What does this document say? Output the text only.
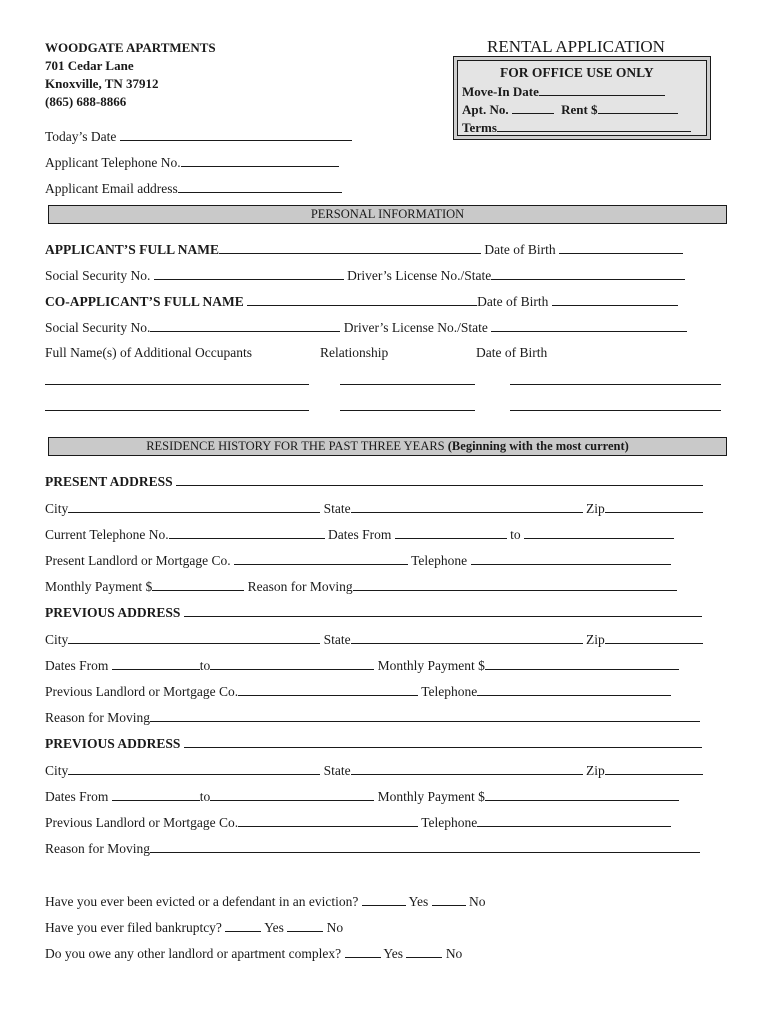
WOODGATE APARTMENTS
701 Cedar Lane
Knoxville, TN 37912
(865) 688-8866
RENTAL APPLICATION
FOR OFFICE USE ONLY
Move-In Date
Apt. No.	Rent $
Terms
Today’s Date
Applicant Telephone No.
Applicant Email address
PERSONAL INFORMATION
APPLICANT’S FULL NAME	Date of Birth
Social Security No.	Driver’s License No./State
CO-APPLICANT’S FULL NAME	Date of Birth
Social Security No.	Driver’s License No./State
Full Name(s) of Additional Occupants	Relationship	Date of Birth
RESIDENCE HISTORY FOR THE PAST THREE YEARS (Beginning with the most current)
PRESENT ADDRESS
City	State	Zip
Current Telephone No.	Dates From	to
Present Landlord or Mortgage Co.	Telephone
Monthly Payment $	Reason for Moving
PREVIOUS ADDRESS
City	State	Zip
Dates From	to	Monthly Payment $
Previous Landlord or Mortgage Co.	Telephone
Reason for Moving
PREVIOUS ADDRESS
City	State	Zip
Dates From	to	Monthly Payment $
Previous Landlord or Mortgage Co.	Telephone
Reason for Moving
Have you ever been evicted or a defendant in an eviction?	Yes	No
Have you ever filed bankruptcy?	Yes	No
Do you owe any other landlord or apartment complex?	Yes	No
